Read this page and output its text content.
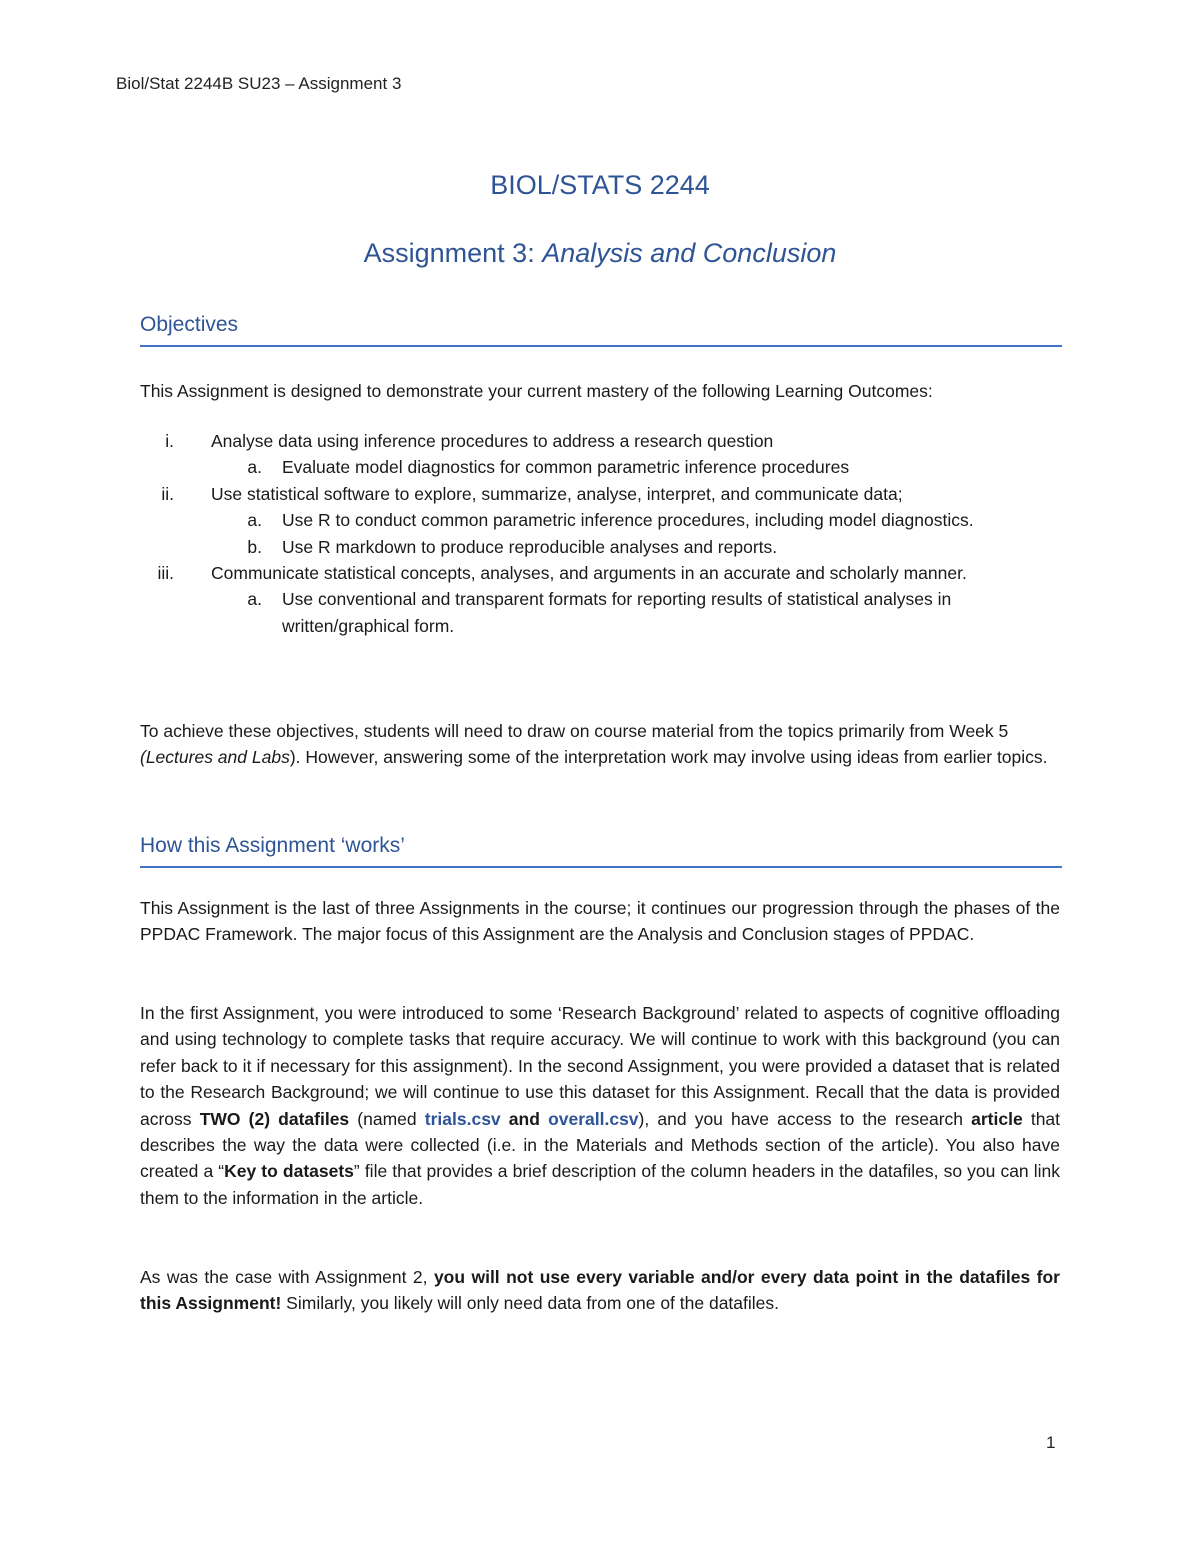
Biol/Stat 2244B SU23 – Assignment 3
BIOL/STATS 2244
Assignment 3: Analysis and Conclusion
Objectives
This Assignment is designed to demonstrate your current mastery of the following Learning Outcomes:
i. Analyse data using inference procedures to address a research question
a. Evaluate model diagnostics for common parametric inference procedures
ii. Use statistical software to explore, summarize, analyse, interpret, and communicate data;
a. Use R to conduct common parametric inference procedures, including model diagnostics.
b. Use R markdown to produce reproducible analyses and reports.
iii. Communicate statistical concepts, analyses, and arguments in an accurate and scholarly manner.
a. Use conventional and transparent formats for reporting results of statistical analyses in written/graphical form.
To achieve these objectives, students will need to draw on course material from the topics primarily from Week 5 (Lectures and Labs). However, answering some of the interpretation work may involve using ideas from earlier topics.
How this Assignment ‘works’
This Assignment is the last of three Assignments in the course; it continues our progression through the phases of the PPDAC Framework. The major focus of this Assignment are the Analysis and Conclusion stages of PPDAC.
In the first Assignment, you were introduced to some ‘Research Background’ related to aspects of cognitive offloading and using technology to complete tasks that require accuracy. We will continue to work with this background (you can refer back to it if necessary for this assignment). In the second Assignment, you were provided a dataset that is related to the Research Background; we will continue to use this dataset for this Assignment. Recall that the data is provided across TWO (2) datafiles (named trials.csv and overall.csv), and you have access to the research article that describes the way the data were collected (i.e. in the Materials and Methods section of the article). You also have created a “Key to datasets” file that provides a brief description of the column headers in the datafiles, so you can link them to the information in the article.
As was the case with Assignment 2, you will not use every variable and/or every data point in the datafiles for this Assignment! Similarly, you likely will only need data from one of the datafiles.
1
